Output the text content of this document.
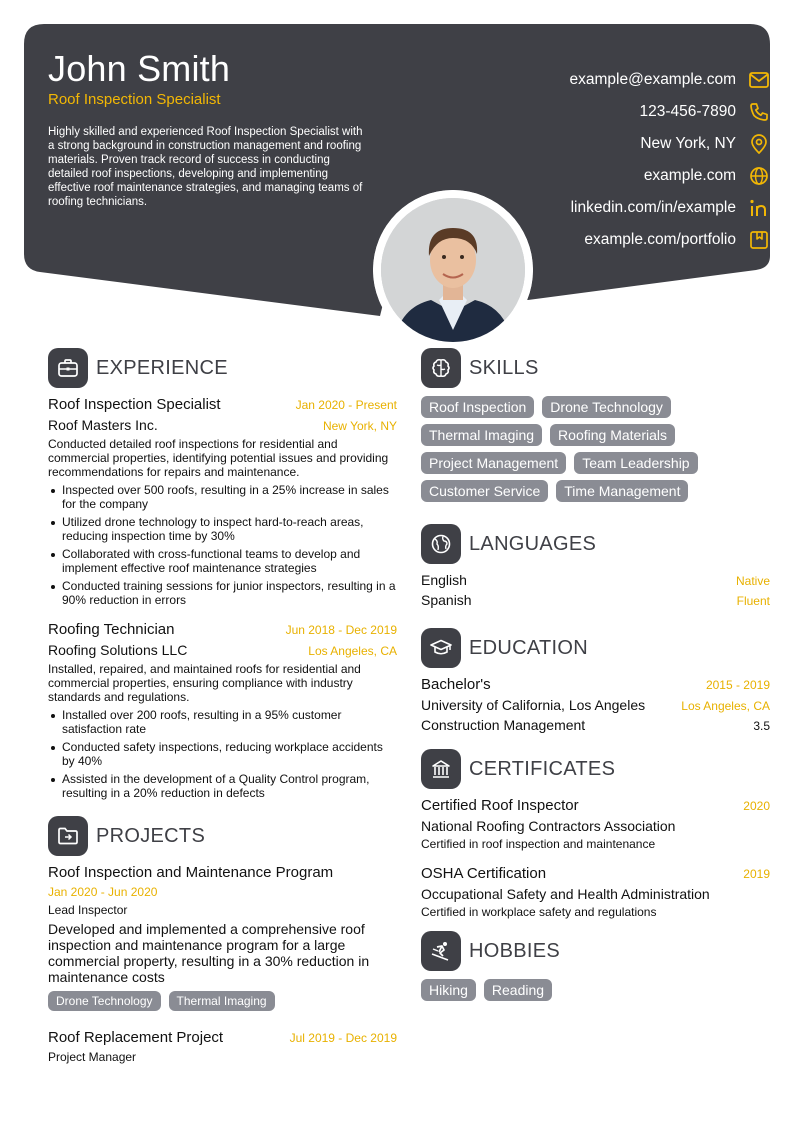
John Smith
Roof Inspection Specialist
Highly skilled and experienced Roof Inspection Specialist with a strong background in construction management and roofing materials. Proven track record of success in conducting detailed roof inspections, developing and implementing effective roof maintenance strategies, and managing teams of roofing technicians.
example@example.com
123-456-7890
New York, NY
example.com
linkedin.com/in/example
example.com/portfolio
EXPERIENCE
Roof Inspection Specialist	Jan 2020 - Present
Roof Masters Inc.	New York, NY
Conducted detailed roof inspections for residential and commercial properties, identifying potential issues and providing recommendations for repairs and maintenance.
Inspected over 500 roofs, resulting in a 25% increase in sales for the company
Utilized drone technology to inspect hard-to-reach areas, reducing inspection time by 30%
Collaborated with cross-functional teams to develop and implement effective roof maintenance strategies
Conducted training sessions for junior inspectors, resulting in a 90% reduction in errors
Roofing Technician	Jun 2018 - Dec 2019
Roofing Solutions LLC	Los Angeles, CA
Installed, repaired, and maintained roofs for residential and commercial properties, ensuring compliance with industry standards and regulations.
Installed over 200 roofs, resulting in a 95% customer satisfaction rate
Conducted safety inspections, reducing workplace accidents by 40%
Assisted in the development of a Quality Control program, resulting in a 20% reduction in defects
PROJECTS
Roof Inspection and Maintenance Program
Jan 2020 - Jun 2020
Lead Inspector
Developed and implemented a comprehensive roof inspection and maintenance program for a large commercial property, resulting in a 30% reduction in maintenance costs
Drone Technology	Thermal Imaging
Roof Replacement Project	Jul 2019 - Dec 2019
Project Manager
SKILLS
Roof Inspection	Drone Technology
Thermal Imaging	Roofing Materials
Project Management	Team Leadership
Customer Service	Time Management
LANGUAGES
English	Native
Spanish	Fluent
EDUCATION
Bachelor's	2015 - 2019
University of California, Los Angeles	Los Angeles, CA
Construction Management	3.5
CERTIFICATES
Certified Roof Inspector	2020
National Roofing Contractors Association
Certified in roof inspection and maintenance
OSHA Certification	2019
Occupational Safety and Health Administration
Certified in workplace safety and regulations
HOBBIES
Hiking	Reading
